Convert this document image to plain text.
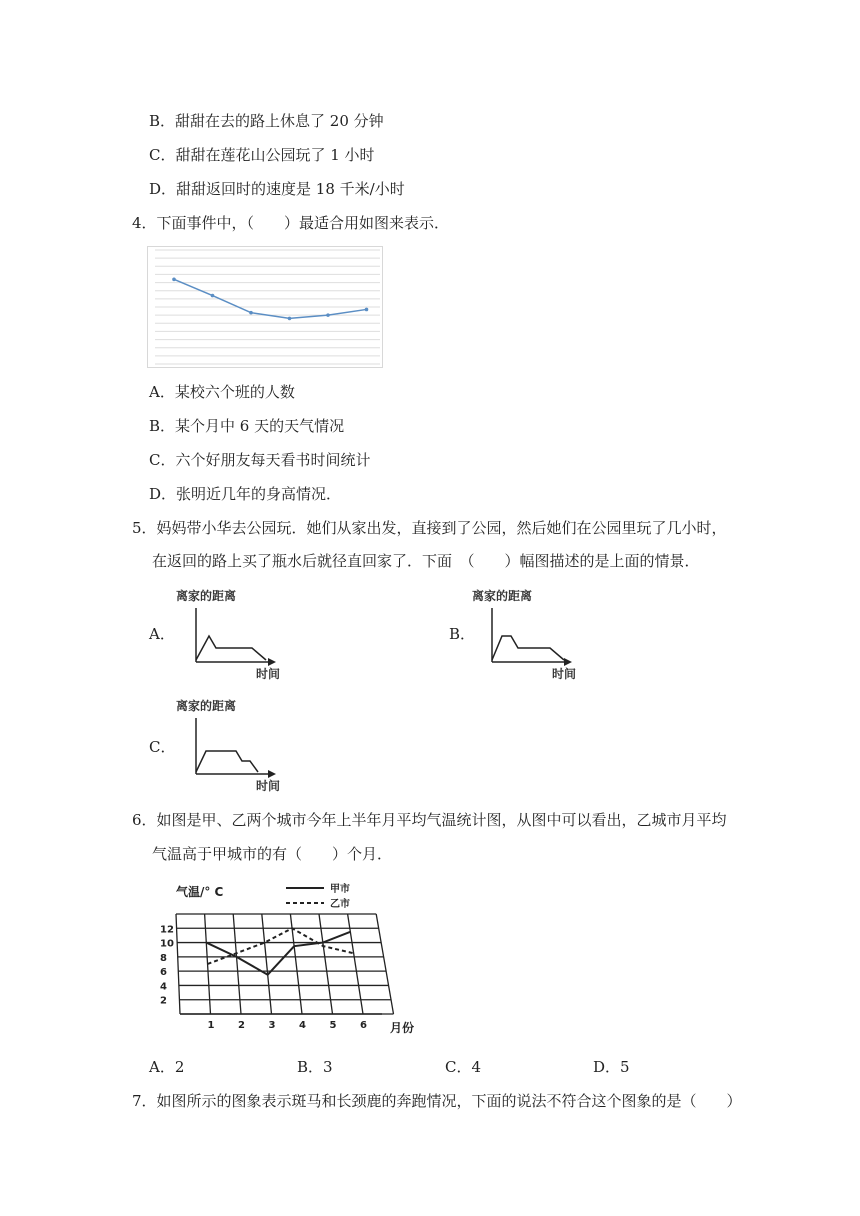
B．甜甜在去的路上休息了 20 分钟
C．甜甜在莲花山公园玩了 1 小时
D．甜甜返回时的速度是 18 千米/小时
4．下面事件中，（　　）最适合用如图来表示．
A．某校六个班的人数
B．某个月中 6 天的天气情况
C．六个好朋友每天看书时间统计
D．张明近几年的身高情况．
5．妈妈带小华去公园玩．她们从家出发，直接到了公园，然后她们在公园里玩了几小时，
在返回的路上买了瓶水后就径直回家了．下面　（　　）幅图描述的是上面的情景．
A．
离家的距离
时间
B．
离家的距离
时间
C．
离家的距离
时间
6．如图是甲、乙两个城市今年上半年月平均气温统计图，从图中可以看出，乙城市月平均
气温高于甲城市的有（　　）个月．
气温/° C	甲市
乙市
2
4
6
8
10
12
1 2 3 4 5 6 月份
A．2	B．3	C．4	D．5
7．如图所示的图象表示斑马和长颈鹿的奔跑情况，下面的说法不符合这个图象的是（　　）
